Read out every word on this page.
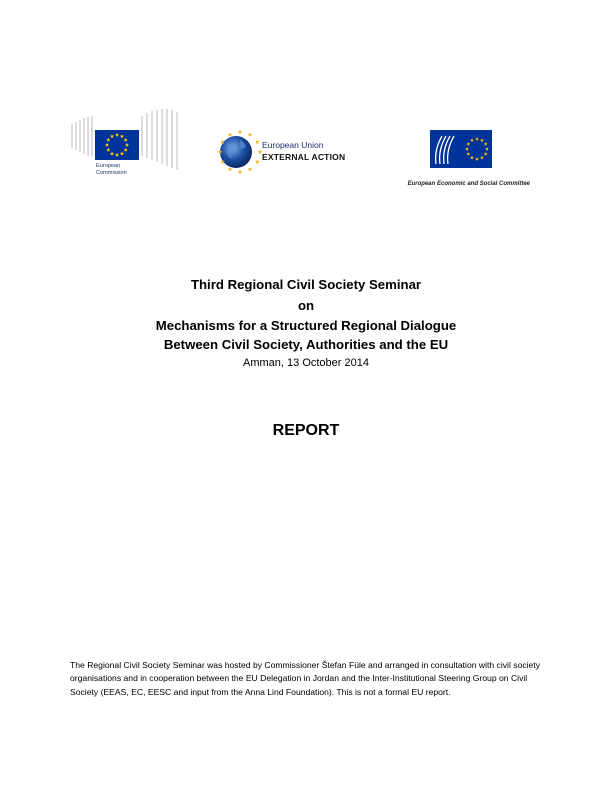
European
Commission
European Union
EXTERNAL ACTION
European Economic and Social Committee
Third Regional Civil Society Seminar
on
Mechanisms for a Structured Regional Dialogue
Between Civil Society, Authorities and the EU
Amman, 13 October 2014
REPORT
The Regional Civil Society Seminar was hosted by Commissioner Štefan Füle and arranged in consultation with civil society organisations and in cooperation between the EU Delegation in Jordan and the Inter-Institutional Steering Group on Civil Society (EEAS, EC, EESC and input from the Anna Lind Foundation). This is not a formal EU report.
